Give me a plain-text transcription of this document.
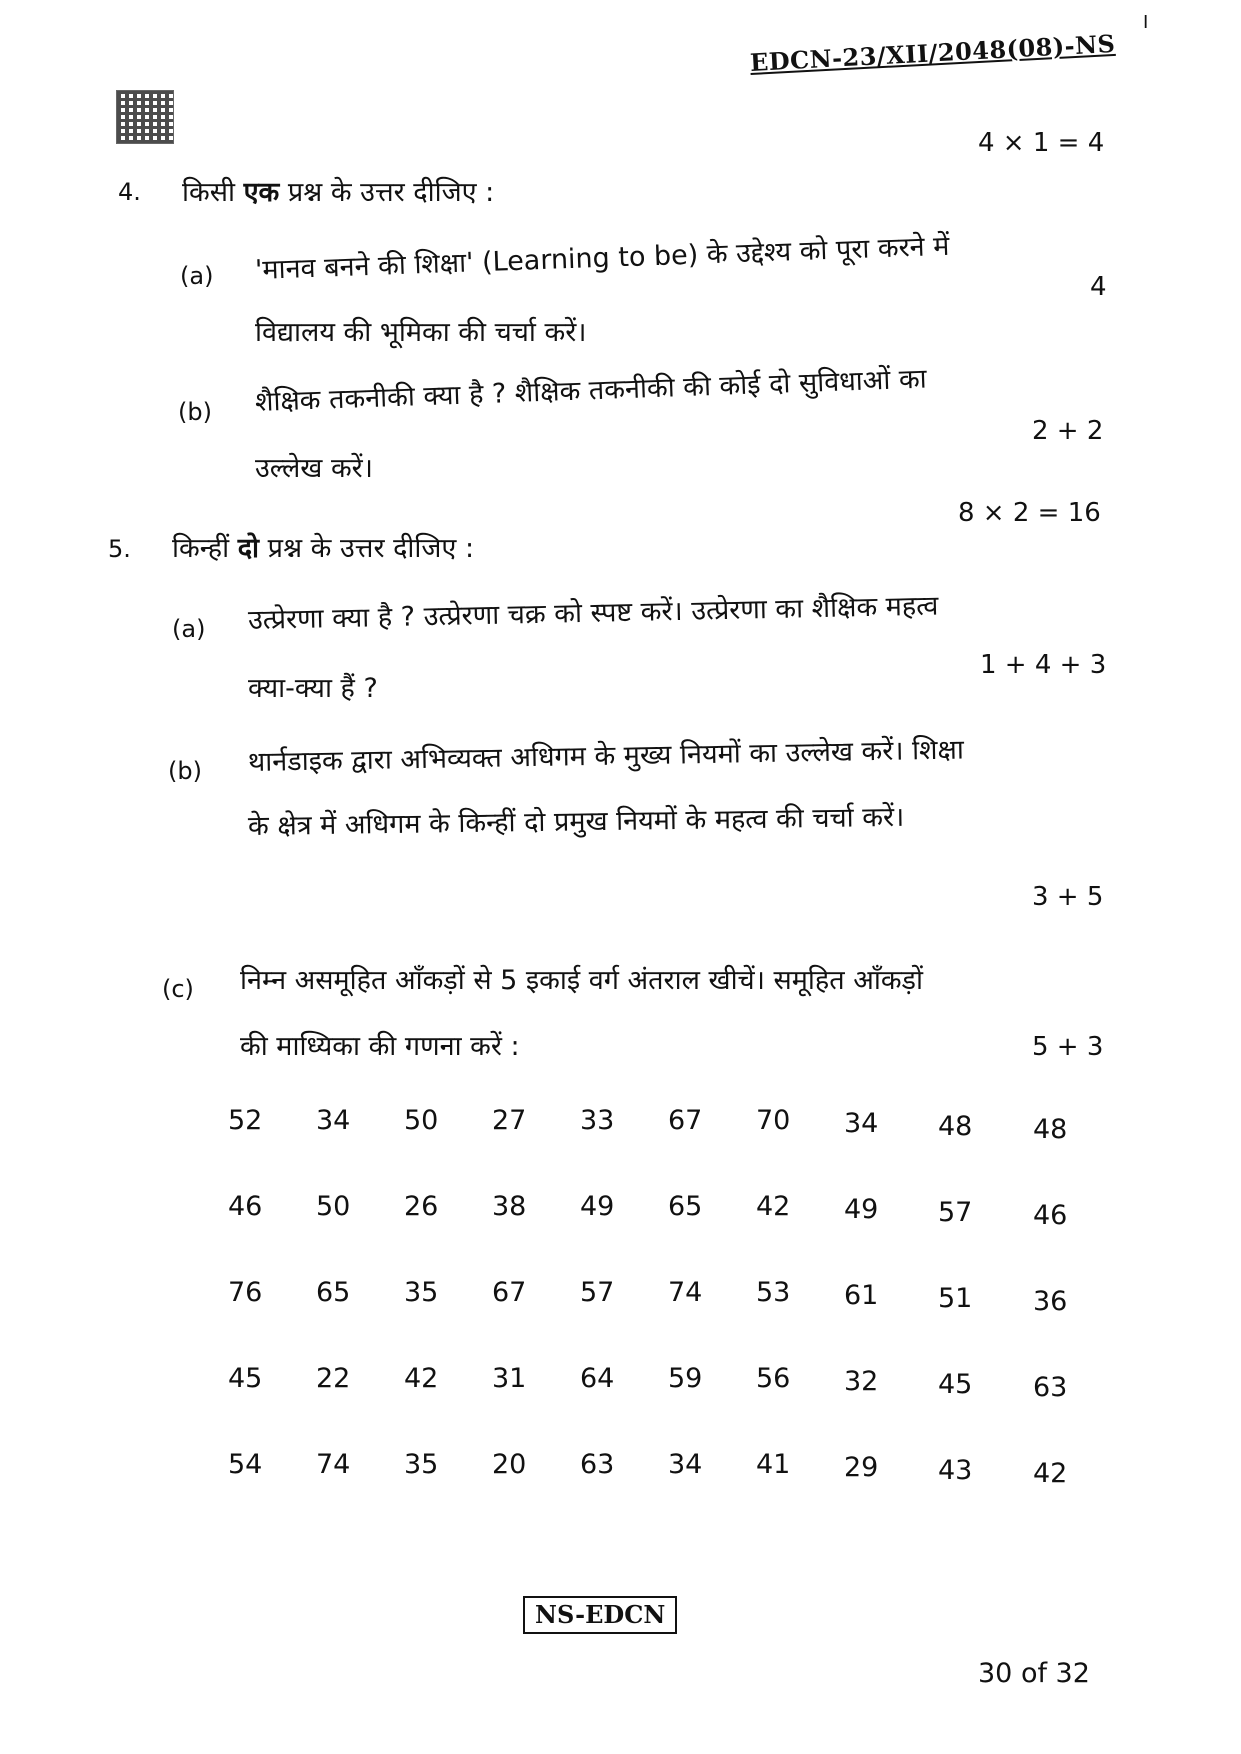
I
EDCN-23/XII/2048(08)-NS
4 × 1 = 4
4. किसी एक प्रश्न के उत्तर दीजिए :
(a) 'मानव बनने की शिक्षा' (Learning to be) के उद्देश्य को पूरा करने में
4
विद्यालय की भूमिका की चर्चा करें।
(b) शैक्षिक तकनीकी क्या है ? शैक्षिक तकनीकी की कोई दो सुविधाओं का
2 + 2
उल्लेख करें।
8 × 2 = 16
5. किन्हीं दो प्रश्न के उत्तर दीजिए :
(a) उत्प्रेरणा क्या है ? उत्प्रेरणा चक्र को स्पष्ट करें। उत्प्रेरणा का शैक्षिक महत्व
1 + 4 + 3
क्या-क्या हैं ?
(b) थार्नडाइक द्वारा अभिव्यक्त अधिगम के मुख्य नियमों का उल्लेख करें। शिक्षा
के क्षेत्र में अधिगम के किन्हीं दो प्रमुख नियमों के महत्व की चर्चा करें।
3 + 5
(c) निम्न असमूहित आँकड़ों से 5 इकाई वर्ग अंतराल खीचें। समूहित आँकड़ों
की माध्यिका की गणना करें :	5 + 3
52	34	50	27	33	67	70	34	48	48
46	50	26	38	49	65	42	49	57	46
76	65	35	67	57	74	53	61	51	36
45	22	42	31	64	59	56	32	45	63
54	74	35	20	63	34	41	29	43	42
NS-EDCN
30 of 32
